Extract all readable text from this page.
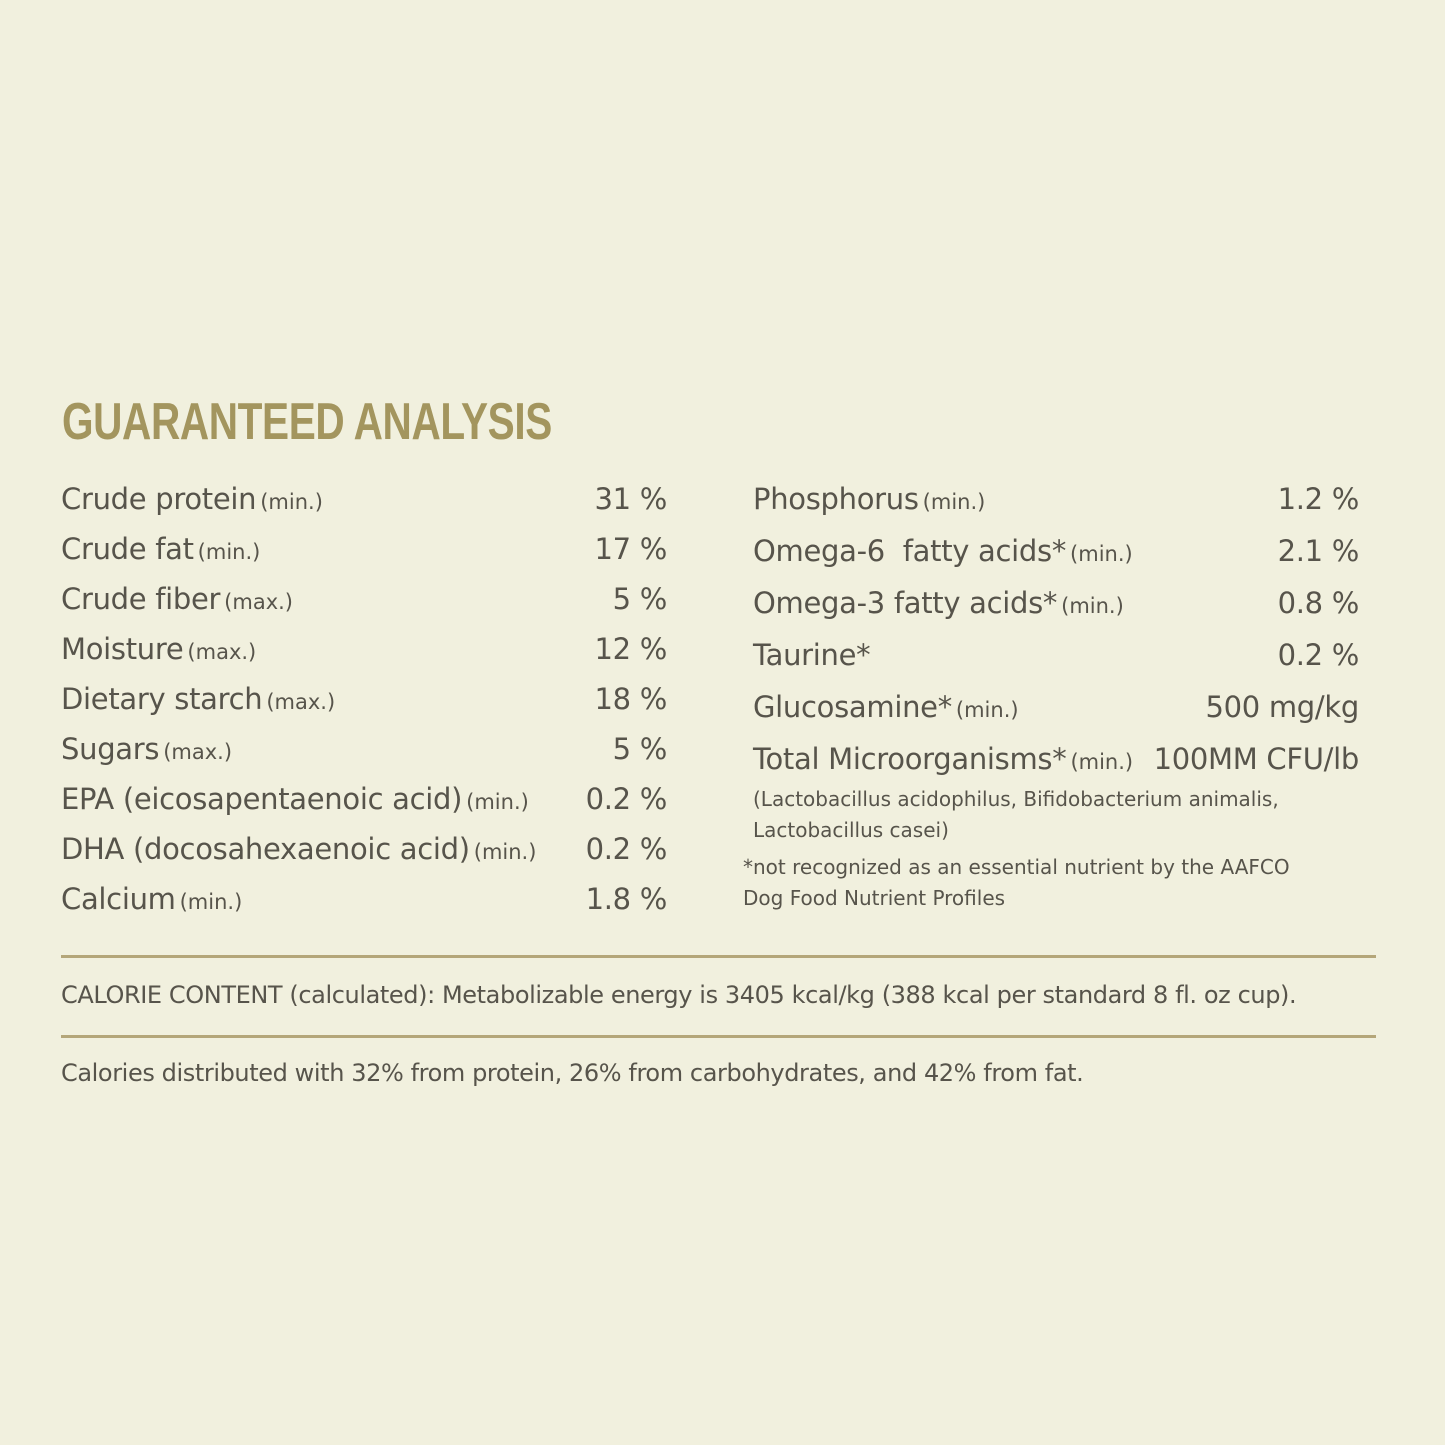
GUARANTEED ANALYSIS
Crude protein (min.)	31 %
Crude fat (min.)	17 %
Crude fiber (max.)	5 %
Moisture (max.)	12 %
Dietary starch (max.)	18 %
Sugars (max.)	5 %
EPA (eicosapentaenoic acid) (min.) 0.2 %
DHA (docosahexaenoic acid) (min.) 0.2 %
Calcium (min.)	1.8 %
Phosphorus (min.)	1.2 %
Omega-6  fatty acids* (min.)	2.1 %
Omega-3 fatty acids* (min.)	0.8 %
Taurine*	0.2 %
Glucosamine* (min.)	500 mg/kg
Total Microorganisms* (min.) 100MM CFU/lb
(Lactobacillus acidophilus, Bifidobacterium animalis, Lactobacillus casei)
*not recognized as an essential nutrient by the AAFCO Dog Food Nutrient Profiles
CALORIE CONTENT (calculated): Metabolizable energy is 3405 kcal/kg (388 kcal per standard 8 fl. oz cup).
Calories distributed with 32% from protein, 26% from carbohydrates, and 42% from fat.
